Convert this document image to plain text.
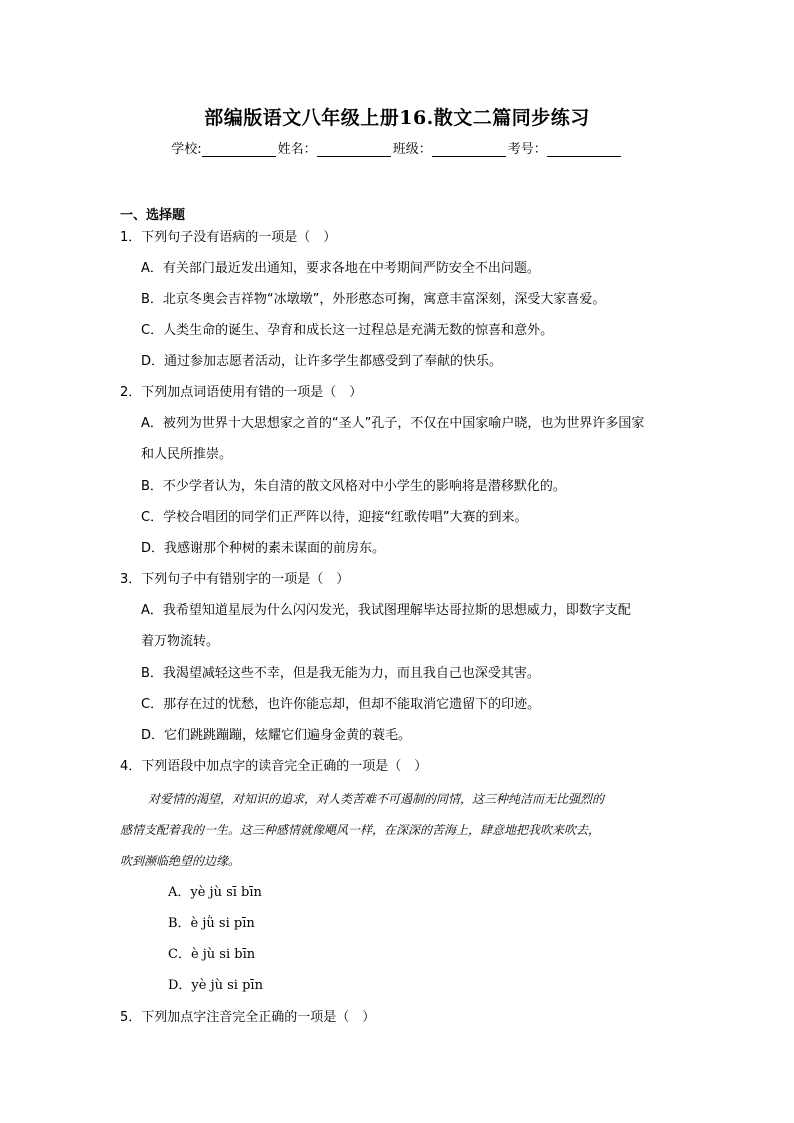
部编版语文八年级上册16.散文二篇同步练习
学校:	姓名：	班级：	考号：
一、选择题
1．下列句子没有语病的一项是（　）
A．有关部门最近发出通知，要求各地在中考期间严防安全不出问题。
B．北京冬奥会吉祥物“冰墩墩”，外形憨态可掬，寓意丰富深刻，深受大家喜爱。
C．人类生命的诞生、孕育和成长这一过程总是充满无数的惊喜和意外。
D．通过参加志愿者活动，让许多学生都感受到了奉献的快乐。
2．下列加点词语使用有错的一项是（　）
A．被列为世界十大思想家之首的“圣人”孔子，不仅在中国家喻户晓，也为世界许多国家
和人民所推崇。
B．不少学者认为，朱自清的散文风格对中小学生的影响将是潜移默化的。
C．学校合唱团的同学们正严阵以待，迎接“红歌传唱”大赛的到来。
D．我感谢那个种树的素未谋面的前房东。
3．下列句子中有错别字的一项是（　）
A．我希望知道星辰为什么闪闪发光，我试图理解毕达哥拉斯的思想威力，即数字支配
着万物流转。
B．我渴望减轻这些不幸，但是我无能为力，而且我自己也深受其害。
C．那存在过的忧愁，也许你能忘却，但却不能取消它遗留下的印迹。
D．它们跳跳蹦蹦，炫耀它们遍身金黄的蓑毛。
4．下列语段中加点字的读音完全正确的一项是（　）
对爱情的渴望，对知识的追求，对人类苦难不可遏制的同情，这三种纯洁而无比强烈的
感情支配着我的一生。这三种感情就像飓风一样，在深深的苦海上，肆意地把我吹来吹去，
吹到濒临绝望的边缘。
A．yè jù sī bīn
B．è jǜ si pīn
C．è jù si bīn
D．yè jù si pīn
5．下列加点字注音完全正确的一项是（　）
